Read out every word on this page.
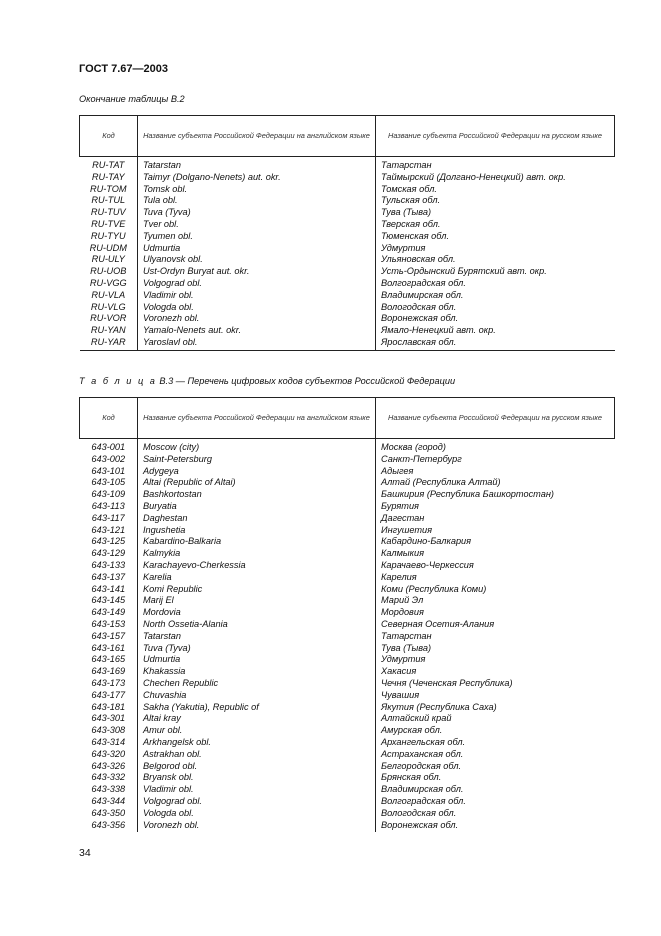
ГОСТ 7.67—2003
Окончание таблицы В.2
Код	Название субъекта Российской Федерации на английском языке	Название субъекта Российской Федерации на русском языке
RU-TAT	Tatarstan	Татарстан
RU-TAY	Taimyr (Dolgano-Nenets) aut. okr.	Таймырский (Долгано-Ненецкий) авт. окр.
RU-TOM	Tomsk obl.	Томская обл.
RU-TUL	Tula obl.	Тульская обл.
RU-TUV	Tuva (Tyva)	Тува (Тыва)
RU-TVE	Tver obl.	Тверская обл.
RU-TYU	Tyumen obl.	Тюменская обл.
RU-UDM	Udmurtia	Удмуртия
RU-ULY	Ulyanovsk obl.	Ульяновская обл.
RU-UOB	Ust-Ordyn Buryat aut. okr.	Усть-Ордынский Бурятский авт. окр.
RU-VGG	Volgograd obl.	Волгоградская обл.
RU-VLA	Vladimir obl.	Владимирская обл.
RU-VLG	Vologda obl.	Вологодская обл.
RU-VOR	Voronezh obl.	Воронежская обл.
RU-YAN	Yamalo-Nenets aut. okr.	Ямало-Ненецкий авт. окр.
RU-YAR	Yaroslavl obl.	Ярославская обл.
Т а б л и ц а В.3 — Перечень цифровых кодов субъектов Российской Федерации
Код	Название субъекта Российской Федерации на английском языке	Название субъекта Российской Федерации на русском языке
643-001	Moscow (city)	Москва (город)
643-002	Saint-Petersburg	Санкт-Петербург
643-101	Adygeya	Адыгея
643-105	Altai (Republic of Altai)	Алтай (Республика Алтай)
643-109	Bashkortostan	Башкирия (Республика Башкортостан)
643-113	Buryatia	Бурятия
643-117	Daghestan	Дагестан
643-121	Ingushetia	Ингушетия
643-125	Kabardino-Balkaria	Кабардино-Балкария
643-129	Kalmykia	Калмыкия
643-133	Karachayevo-Cherkessia	Карачаево-Черкессия
643-137	Karelia	Карелия
643-141	Komi Republic	Коми (Республика Коми)
643-145	Marij El	Марий Эл
643-149	Mordovia	Мордовия
643-153	North Ossetia-Alania	Северная Осетия-Алания
643-157	Tatarstan	Татарстан
643-161	Tuva (Tyva)	Тува (Тыва)
643-165	Udmurtia	Удмуртия
643-169	Khakassia	Хакасия
643-173	Chechen Republic	Чечня (Чеченская Республика)
643-177	Chuvashia	Чувашия
643-181	Sakha (Yakutia), Republic of	Якутия (Республика Саха)
643-301	Altai kray	Алтайский край
643-308	Amur obl.	Амурская обл.
643-314	Arkhangelsk obl.	Архангельская обл.
643-320	Astrakhan obl.	Астраханская обл.
643-326	Belgorod obl.	Белгородская обл.
643-332	Bryansk obl.	Брянская обл.
643-338	Vladimir obl.	Владимирская обл.
643-344	Volgograd obl.	Волгоградская обл.
643-350	Vologda obl.	Вологодская обл.
643-356	Voronezh obl.	Воронежская обл.
34
